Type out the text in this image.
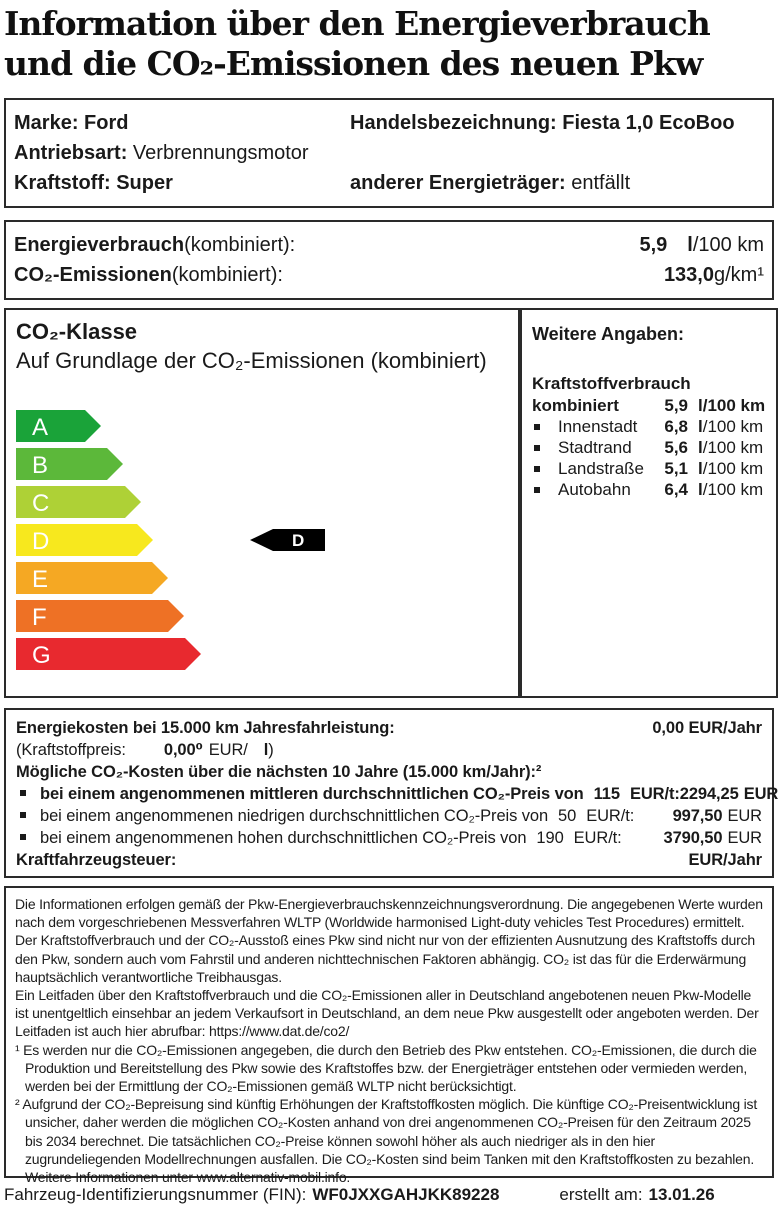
Information über den Energieverbrauch
und die CO₂-Emissionen des neuen Pkw
Marke: Ford	Handelsbezeichnung: Fiesta 1,0 EcoBoo
Antriebsart: Verbrennungsmotor
Kraftstoff: Super	anderer Energieträger: entfällt
Energieverbrauch (kombiniert):	5,9 l/100 km
CO₂-Emissionen (kombiniert):	133,0 g/km¹
CO₂-Klasse
Auf Grundlage der CO₂-Emissionen (kombiniert)
A
B
C
D
E
F
G
D
Weitere Angaben:
Kraftstoffverbrauch
kombiniert	5,9 l/100 km
Innenstadt	6,8 l/100 km
Stadtrand	5,6 l/100 km
Landstraße	5,1 l/100 km
Autobahn	6,4 l/100 km
Energiekosten bei 15.000 km Jahresfahrleistung:	0,00 EUR/Jahr
(Kraftstoffpreis: 0,00⁰ EUR/ l )
Mögliche CO₂-Kosten über die nächsten 10 Jahre (15.000 km/Jahr):²
bei einem angenommenen mittleren durchschnittlichen CO₂-Preis von 115 EUR/t: 2294,25 EUR
bei einem angenommenen niedrigen durchschnittlichen CO₂-Preis von 50 EUR/t: 997,50 EUR
bei einem angenommenen hohen durchschnittlichen CO₂-Preis von 190 EUR/t:	3790,50 EUR
Kraftfahrzeugsteuer:	EUR/Jahr

Die Informationen erfolgen gemäß der Pkw-Energieverbrauchskennzeichnungsverordnung. Die angegebenen Werte wurden nach dem vorgeschriebenen Messverfahren WLTP (Worldwide harmonised Light-duty vehicles Test Procedures) ermittelt.

Der Kraftstoffverbrauch und der CO₂-Ausstoß eines Pkw sind nicht nur von der effizienten Ausnutzung des Kraftstoffs durch den Pkw, sondern auch vom Fahrstil und anderen nichttechnischen Faktoren abhängig. CO₂ ist das für die Erderwärmung hauptsächlich verantwortliche Treibhausgas.

Ein Leitfaden über den Kraftstoffverbrauch und die CO₂-Emissionen aller in Deutschland angebotenen neuen Pkw-Modelle ist unentgeltlich einsehbar an jedem Verkaufsort in Deutschland, an dem neue Pkw ausgestellt oder angeboten werden. Der Leitfaden ist auch hier abrufbar: https://www.dat.de/co2/

¹ Es werden nur die CO₂-Emissionen angegeben, die durch den Betrieb des Pkw entstehen. CO₂-Emissionen, die durch die Produktion und Bereitstellung des Pkw sowie des Kraftstoffes bzw. der Energieträger entstehen oder vermieden werden, werden bei der Ermittlung der CO₂-Emissionen gemäß WLTP nicht berücksichtigt.

² Aufgrund der CO₂-Bepreisung sind künftig Erhöhungen der Kraftstoffkosten möglich. Die künftige CO₂-Preisentwicklung ist unsicher, daher werden die möglichen CO₂-Kosten anhand von drei angenommenen CO₂-Preisen für den Zeitraum 2025 bis 2034 berechnet. Die tatsächlichen CO₂-Preise können sowohl höher als auch niedriger als in den hier zugrundeliegenden Modellrechnungen ausfallen. Die CO₂-Kosten sind beim Tanken mit den Kraftstoffkosten zu bezahlen. Weitere Informationen unter www.alternativ-mobil.info.

Fahrzeug-Identifizierungsnummer (FIN): WF0JXXGAHJKK89228	erstellt am: 13.01.26
